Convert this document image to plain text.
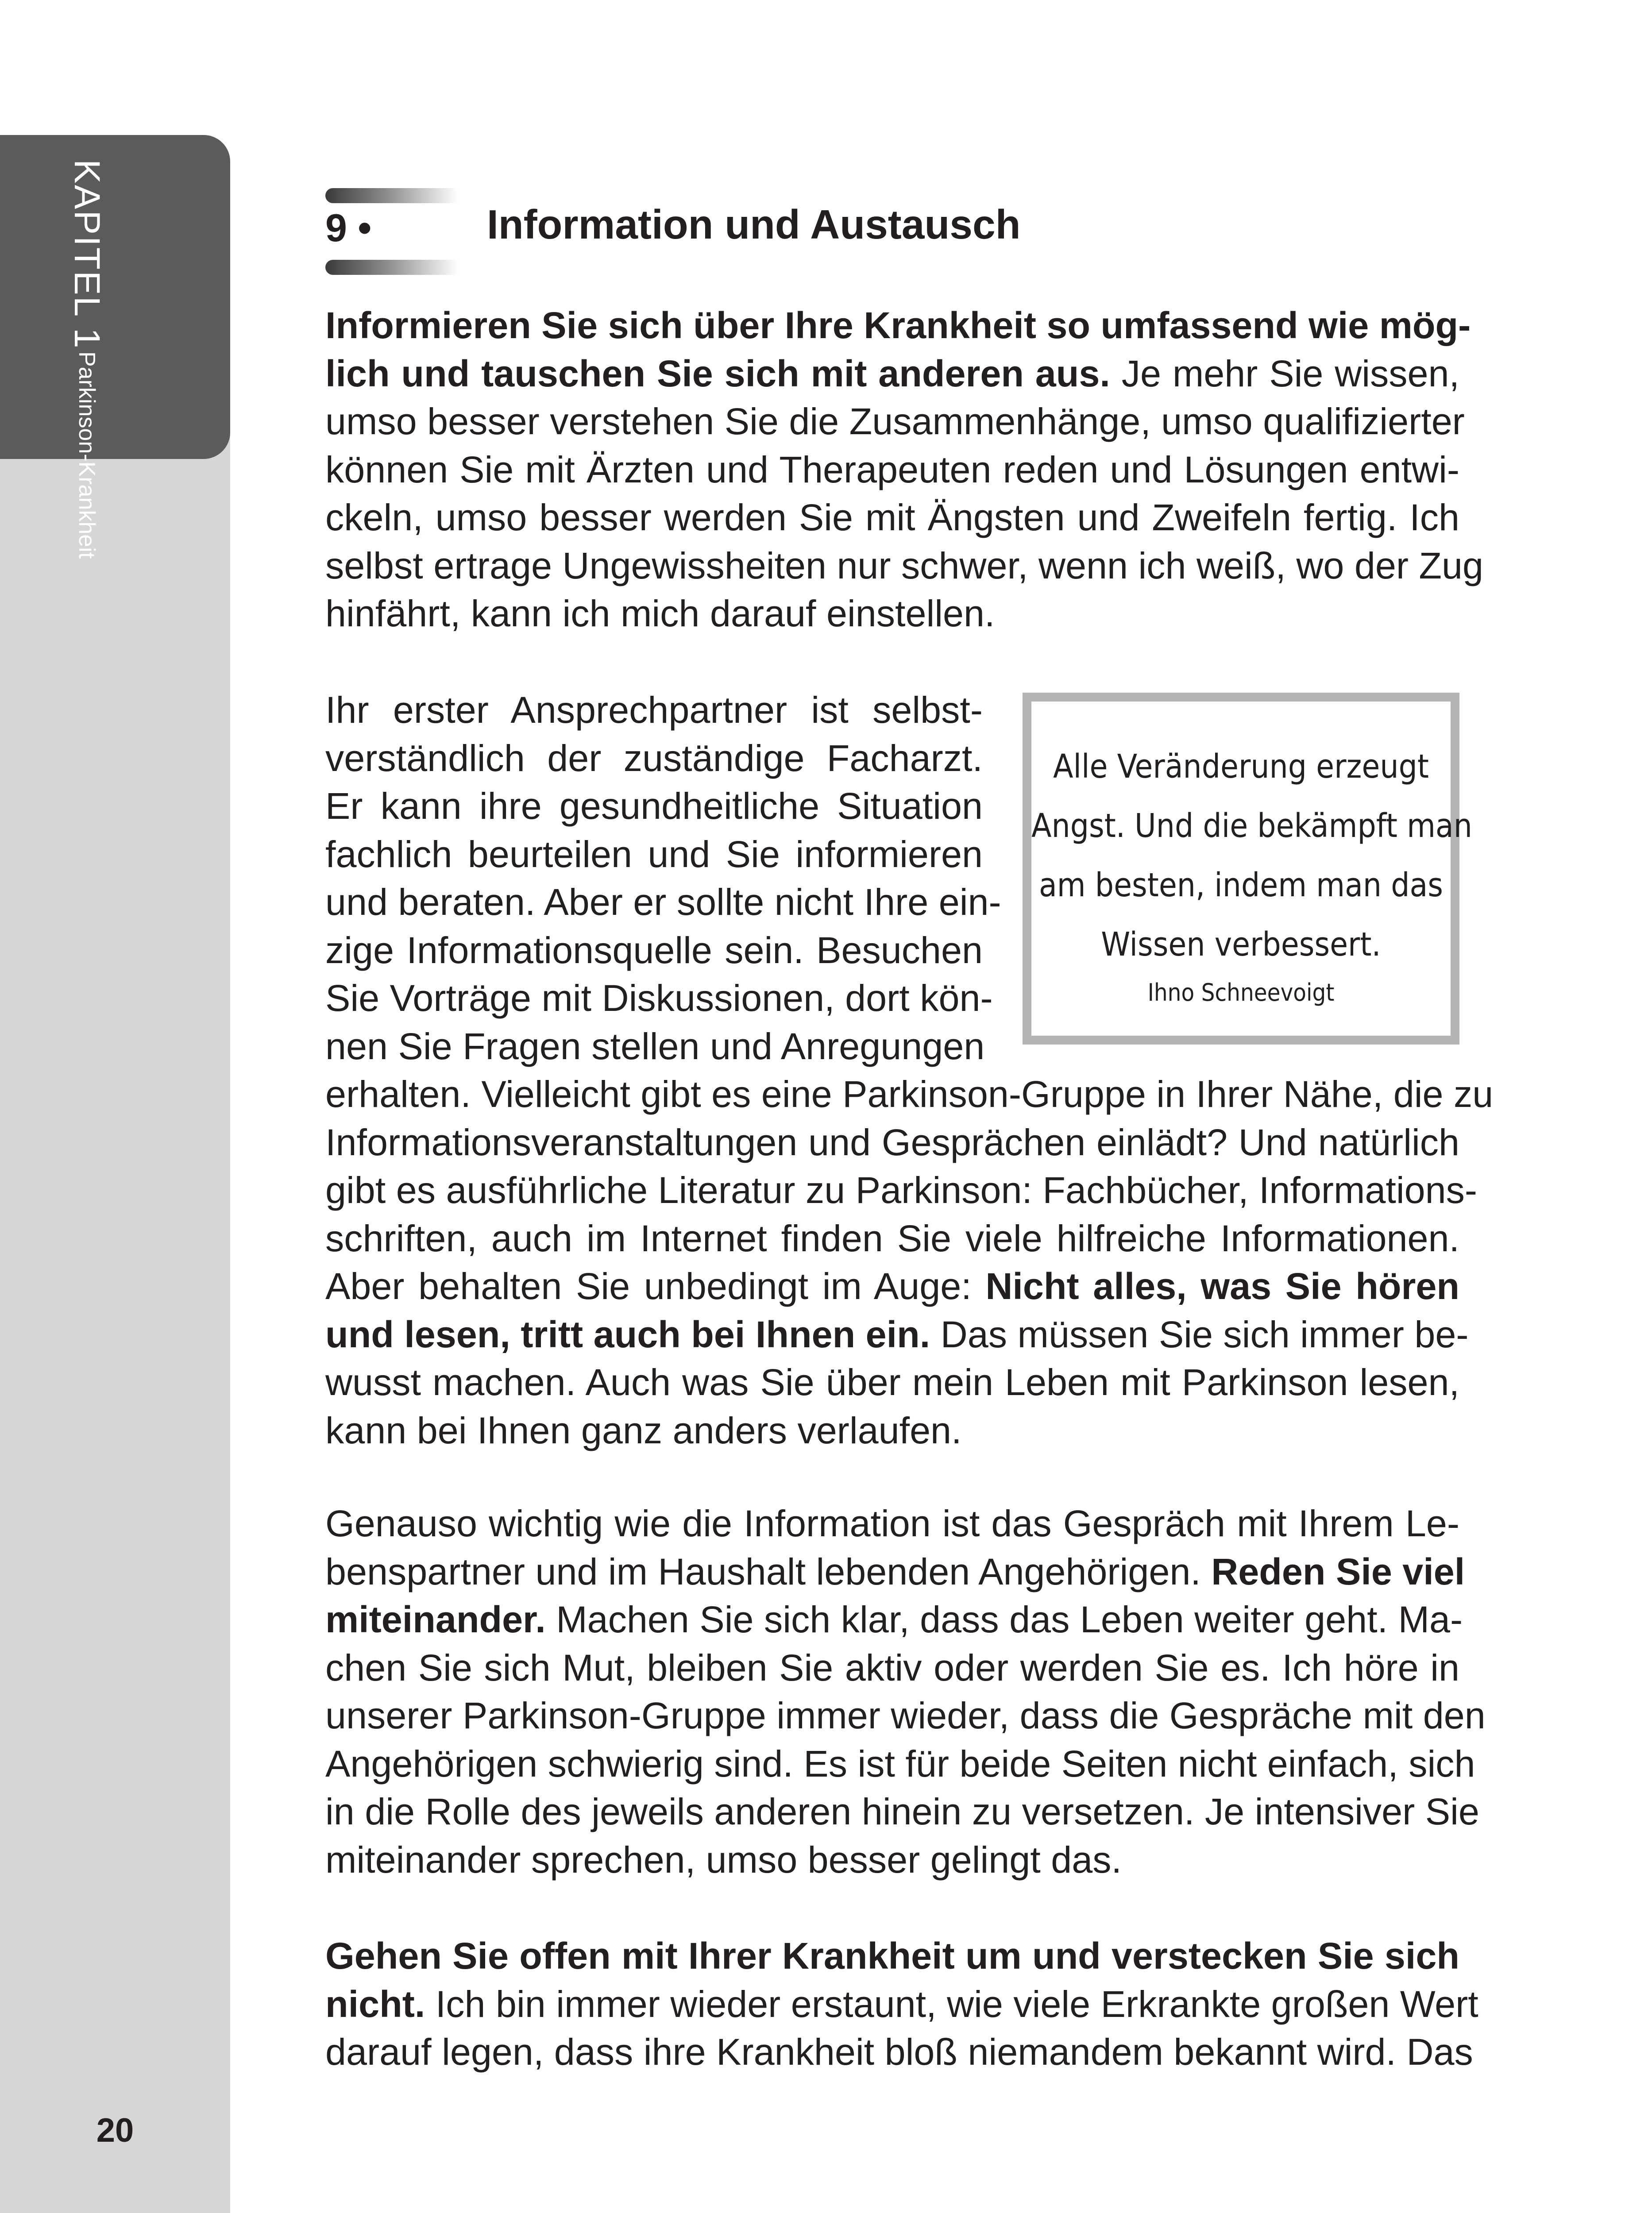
KAPITEL 1 Parkinson-Krankheit
20
9 •	Information und Austausch
Informieren Sie sich über Ihre Krankheit so umfassend wie mög-
lich und tauschen Sie sich mit anderen aus. Je mehr Sie wissen,
umso besser verstehen Sie die Zusammenhänge, umso qualifizierter
können Sie mit Ärzten und Therapeuten reden und Lösungen entwi-
ckeln, umso besser werden Sie mit Ängsten und Zweifeln fertig. Ich
selbst ertrage Ungewissheiten nur schwer, wenn ich weiß, wo der Zug
hinfährt, kann ich mich darauf einstellen.
Ihr erster Ansprechpartner ist selbst-
verständlich der zuständige Facharzt.
Er kann ihre gesundheitliche Situation
fachlich beurteilen und Sie informieren
und beraten. Aber er sollte nicht Ihre ein-
zige Informationsquelle sein. Besuchen
Sie Vorträge mit Diskussionen, dort kön-
nen Sie Fragen stellen und Anregungen
erhalten. Vielleicht gibt es eine Parkinson-Gruppe in Ihrer Nähe, die zu
Informationsveranstaltungen und Gesprächen einlädt? Und natürlich
gibt es ausführliche Literatur zu Parkinson: Fachbücher, Informations-
schriften, auch im Internet finden Sie viele hilfreiche Informationen.
Aber behalten Sie unbedingt im Auge: Nicht alles, was Sie hören
und lesen, tritt auch bei Ihnen ein. Das müssen Sie sich immer be-
wusst machen. Auch was Sie über mein Leben mit Parkinson lesen,
kann bei Ihnen ganz anders verlaufen.
Alle Veränderung erzeugt
Angst. Und die bekämpft man
am besten, indem man das
Wissen verbessert.
Ihno Schneevoigt
Genauso wichtig wie die Information ist das Gespräch mit Ihrem Le-
benspartner und im Haushalt lebenden Angehörigen. Reden Sie viel
miteinander. Machen Sie sich klar, dass das Leben weiter geht. Ma-
chen Sie sich Mut, bleiben Sie aktiv oder werden Sie es. Ich höre in
unserer Parkinson-Gruppe immer wieder, dass die Gespräche mit den
Angehörigen schwierig sind. Es ist für beide Seiten nicht einfach, sich
in die Rolle des jeweils anderen hinein zu versetzen. Je intensiver Sie
miteinander sprechen, umso besser gelingt das.
Gehen Sie offen mit Ihrer Krankheit um und verstecken Sie sich
nicht. Ich bin immer wieder erstaunt, wie viele Erkrankte großen Wert
darauf legen, dass ihre Krankheit bloß niemandem bekannt wird. Das
